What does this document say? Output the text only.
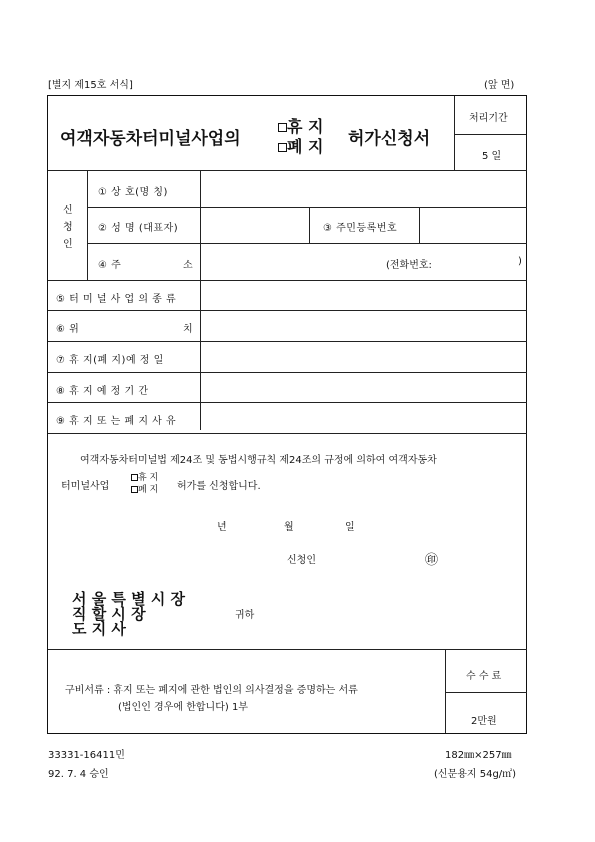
[별지 제15호 서식]	(앞 면)
여객자동차터미널사업의
휴 지
폐 지 허가신청서
처리기간
5 일
신
청
인
① 상 호(명 칭)
② 성 명 (대표자)	③ 주민등록번호
④ 주	소	(전화번호:	)
⑤ 터 미 널 사 업 의 종 류
⑥ 위	치
⑦ 휴 지(폐 지)예 정 일
⑧ 휴 지 예 정 기 간
⑨ 휴 지 또 는 폐 지 사 유
여객자동차터미널법 제24조 및 동법시행규칙 제24조의 규정에 의하여 여객자동차
터미널사업
휴 지
폐 지 허가를 신청합니다.
년	월	일
신청인	㊞
서 울 특 별 시 장
직 할 시 장
도 지 사
귀하
구비서류 : 휴지 또는 폐지에 관한 법인의 의사결정을 증명하는 서류
(법인인 경우에 한합니다) 1부
수 수 료
2만원
33331-16411민
92. 7. 4 승인
182㎜×257㎜
(신문용지 54g/㎡)
